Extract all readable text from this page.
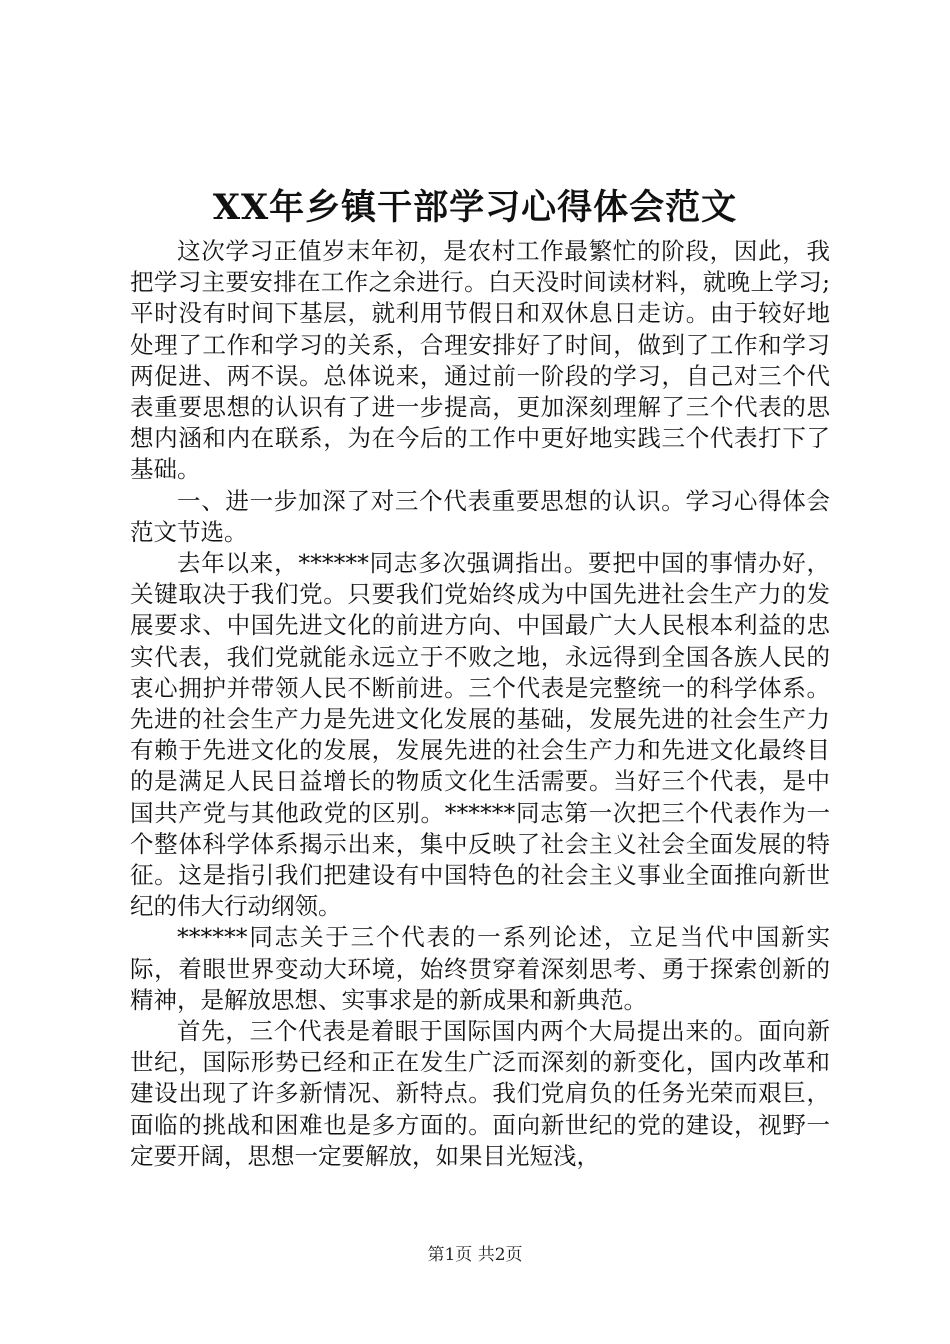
XX年乡镇干部学习心得体会范文

这次学习正值岁末年初，是农村工作最繁忙的阶段，因此，我把学习主要安排在工作之余进行。白天没时间读材料，就晚上学习;平时没有时间下基层，就利用节假日和双休息日走访。由于较好地处理了工作和学习的关系，合理安排好了时间，做到了工作和学习两促进、两不误。总体说来，通过前一阶段的学习，自己对三个代表重要思想的认识有了进一步提高，更加深刻理解了三个代表的思想内涵和内在联系，为在今后的工作中更好地实践三个代表打下了基础。

一、进一步加深了对三个代表重要思想的认识。学习心得体会范文节选。

去年以来，******同志多次强调指出。要把中国的事情办好，关键取决于我们党。只要我们党始终成为中国先进社会生产力的发展要求、中国先进文化的前进方向、中国最广大人民根本利益的忠实代表，我们党就能永远立于不败之地，永远得到全国各族人民的衷心拥护并带领人民不断前进。三个代表是完整统一的科学体系。先进的社会生产力是先进文化发展的基础，发展先进的社会生产力有赖于先进文化的发展，发展先进的社会生产力和先进文化最终目的是满足人民日益增长的物质文化生活需要。当好三个代表，是中国共产党与其他政党的区别。******同志第一次把三个代表作为一个整体科学体系揭示出来，集中反映了社会主义社会全面发展的特征。这是指引我们把建设有中国特色的社会主义事业全面推向新世纪的伟大行动纲领。

******同志关于三个代表的一系列论述，立足当代中国新实际，着眼世界变动大环境，始终贯穿着深刻思考、勇于探索创新的精神，是解放思想、实事求是的新成果和新典范。

首先，三个代表是着眼于国际国内两个大局提出来的。面向新世纪，国际形势已经和正在发生广泛而深刻的新变化，国内改革和建设出现了许多新情况、新特点。我们党肩负的任务光荣而艰巨，面临的挑战和困难也是多方面的。面向新世纪的党的建设，视野一定要开阔，思想一定要解放，如果目光短浅，

第1页 共2页
